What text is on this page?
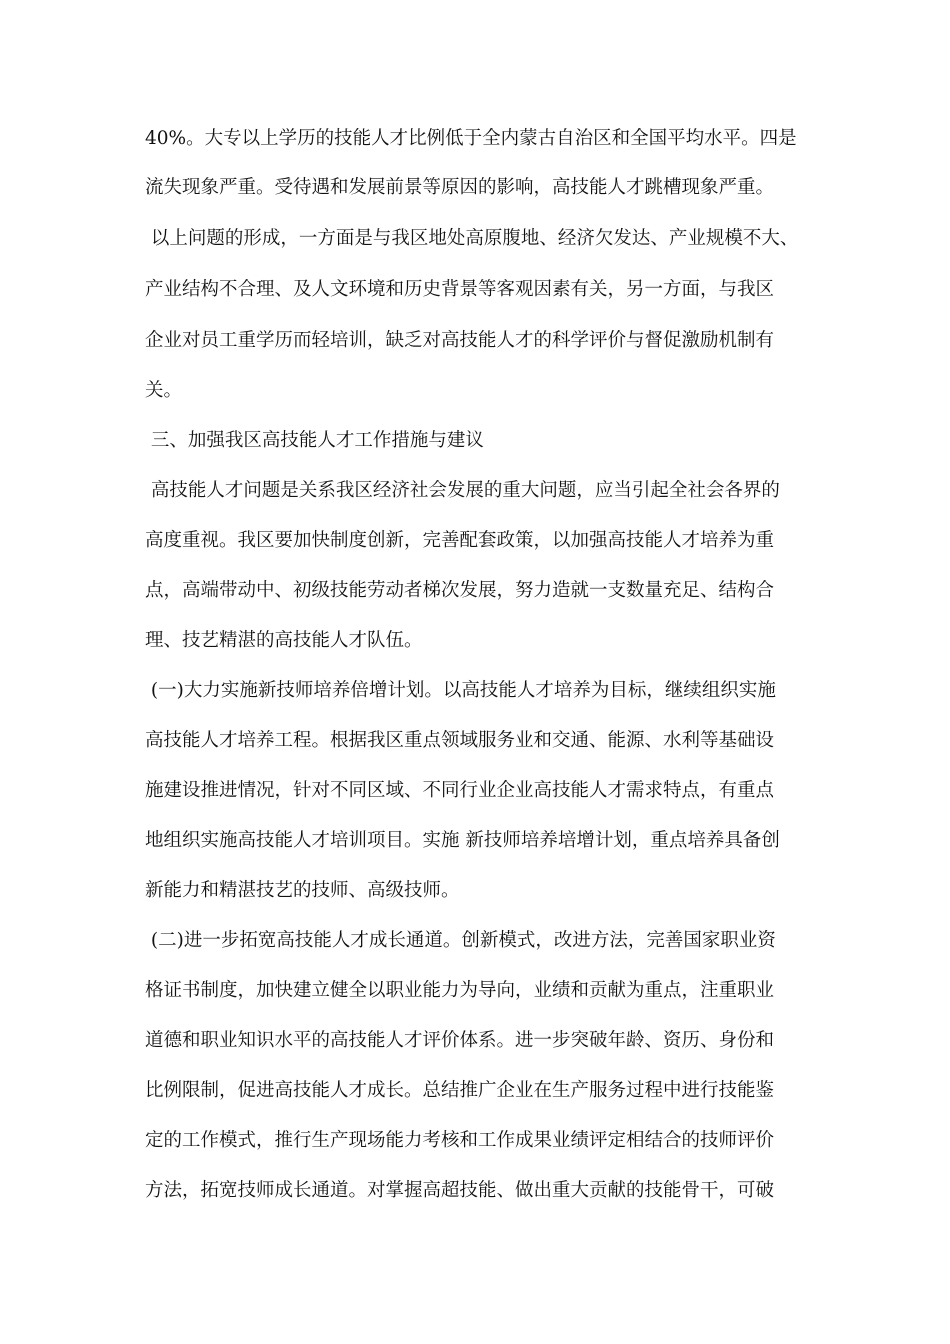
40%。大专以上学历的技能人才比例低于全内蒙古自治区和全国平均水平。四是
流失现象严重。受待遇和发展前景等原因的影响，高技能人才跳槽现象严重。
以上问题的形成，一方面是与我区地处高原腹地、经济欠发达、产业规模不大、
产业结构不合理、及人文环境和历史背景等客观因素有关，另一方面，与我区
企业对员工重学历而轻培训，缺乏对高技能人才的科学评价与督促激励机制有
关。
三、加强我区高技能人才工作措施与建议
高技能人才问题是关系我区经济社会发展的重大问题，应当引起全社会各界的
高度重视。我区要加快制度创新，完善配套政策，以加强高技能人才培养为重
点，高端带动中、初级技能劳动者梯次发展，努力造就一支数量充足、结构合
理、技艺精湛的高技能人才队伍。
(一)大力实施新技师培养倍增计划。以高技能人才培养为目标，继续组织实施
高技能人才培养工程。根据我区重点领域服务业和交通、能源、水利等基础设
施建设推进情况，针对不同区域、不同行业企业高技能人才需求特点，有重点
地组织实施高技能人才培训项目。实施 新技师培养培增计划，重点培养具备创
新能力和精湛技艺的技师、高级技师。
(二)进一步拓宽高技能人才成长通道。创新模式，改进方法，完善国家职业资
格证书制度，加快建立健全以职业能力为导向，业绩和贡献为重点，注重职业
道德和职业知识水平的高技能人才评价体系。进一步突破年龄、资历、身份和
比例限制，促进高技能人才成长。总结推广企业在生产服务过程中进行技能鉴
定的工作模式，推行生产现场能力考核和工作成果业绩评定相结合的技师评价
方法，拓宽技师成长通道。对掌握高超技能、做出重大贡献的技能骨干，可破
